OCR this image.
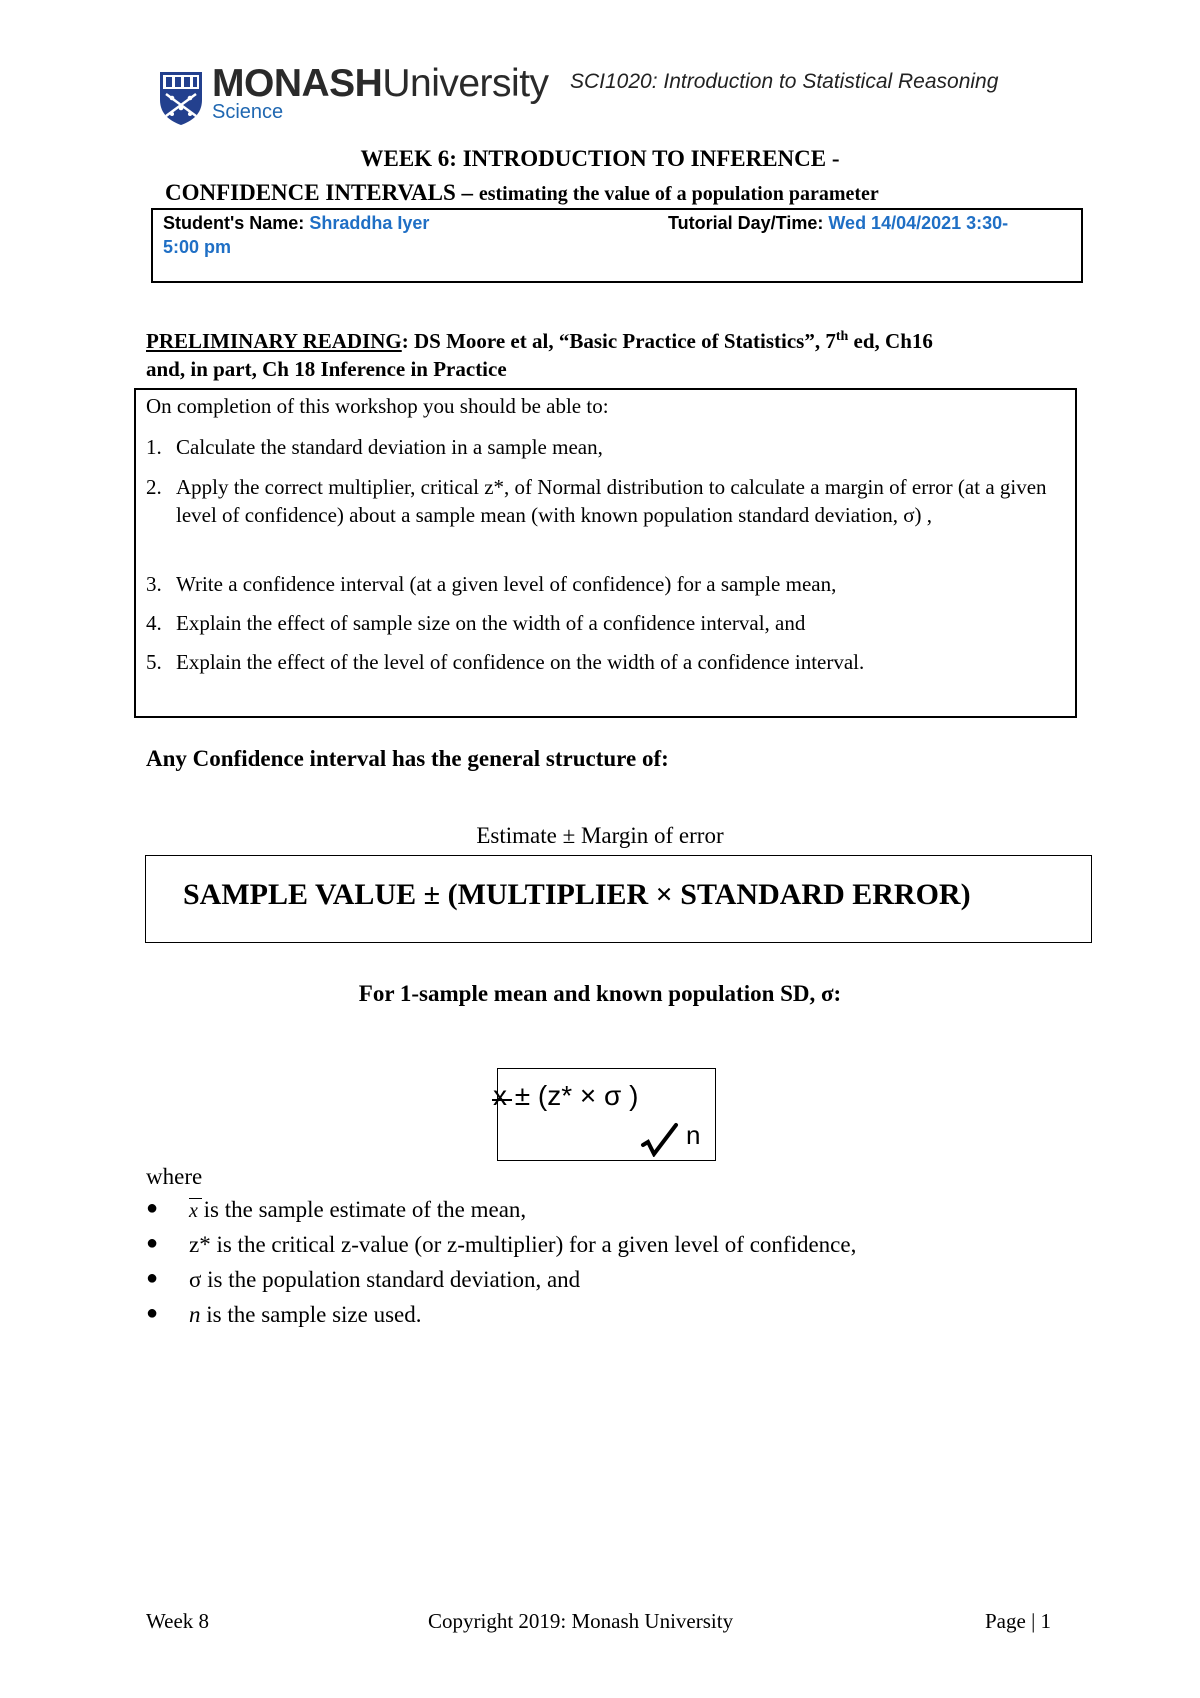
MONASHUniversity
Science
SCI1020: Introduction to Statistical Reasoning
WEEK 6: INTRODUCTION TO INFERENCE -
CONFIDENCE INTERVALS – estimating the value of a population parameter
Student's Name: Shraddha Iyer	Tutorial Day/Time: Wed 14/04/2021 3:30-
5:00 pm
PRELIMINARY READING: DS Moore et al, “Basic Practice of Statistics”, 7th ed, Ch16
and, in part, Ch 18 Inference in Practice
On completion of this workshop you should be able to:
1. Calculate the standard deviation in a sample mean,
2. Apply the correct multiplier, critical z*, of Normal distribution to calculate a margin of error (at a given level of confidence) about a sample mean (with known population standard deviation, σ) ,
3. Write a confidence interval (at a given level of confidence) for a sample mean,
4. Explain the effect of sample size on the width of a confidence interval, and
5. Explain the effect of the level of confidence on the width of a confidence interval.
Any Confidence interval has the general structure of:
Estimate ± Margin of error
SAMPLE VALUE ± (MULTIPLIER × STANDARD ERROR)
For 1-sample mean and known population SD, σ:
x ± (z* × σ )
n
where
● x is the sample estimate of the mean,
● z* is the critical z-value (or z-multiplier) for a given level of confidence,
● σ is the population standard deviation, and
● n is the sample size used.
Week 8	Copyright 2019: Monash University	Page | 1
